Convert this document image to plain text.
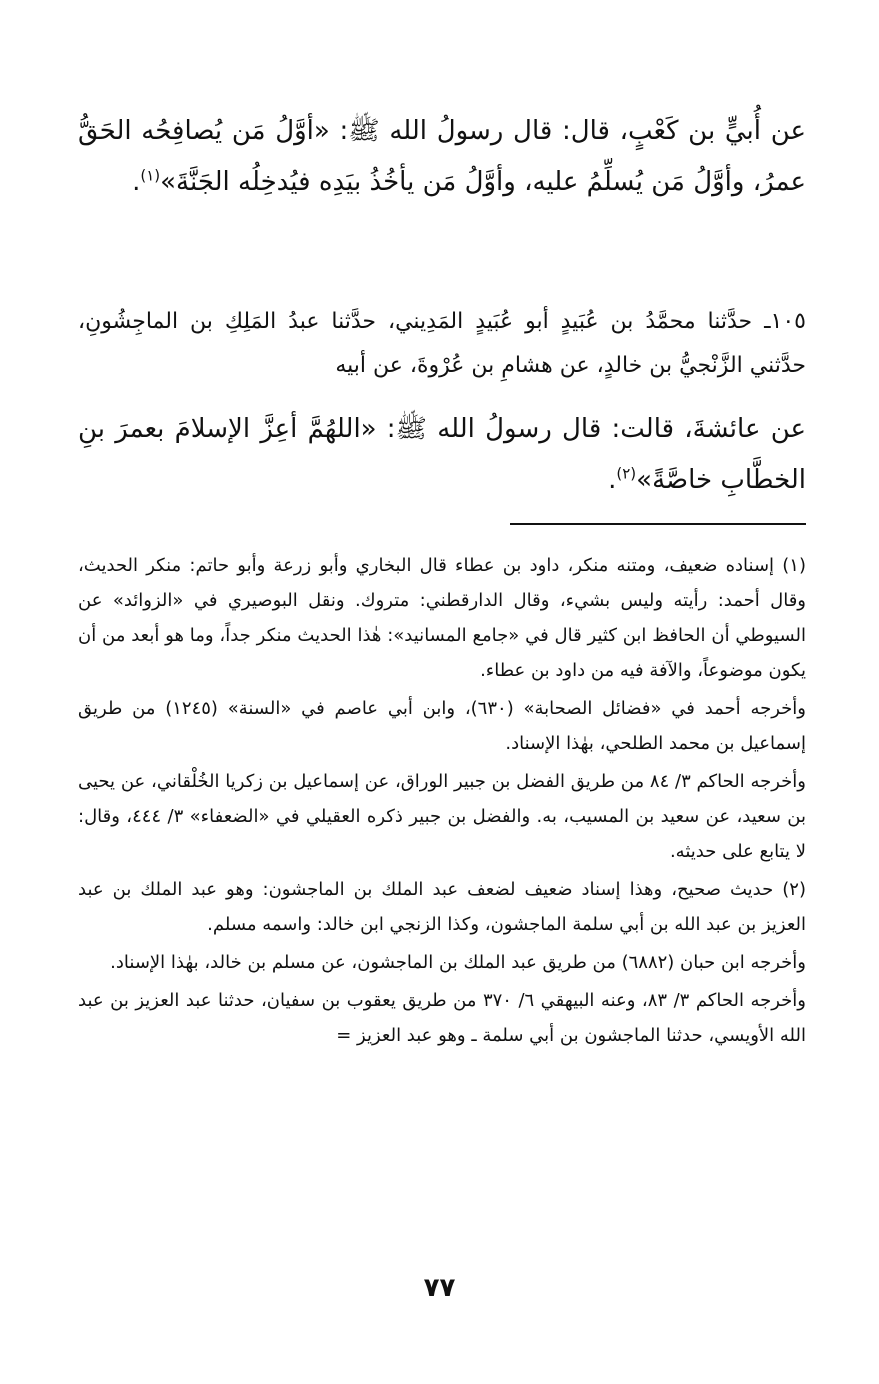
عن أُبيٍّ بن كَعْبٍ، قال: قال رسولُ الله ﷺ: «أوَّلُ مَن يُصافِحُه الحَقُّ عمرُ، وأوَّلُ مَن يُسلِّمُ عليه، وأوَّلُ مَن يأخُذُ بيَدِه فيُدخِلُه الجَنَّةَ»$^{(١)}$.

١٠٥ـ حدَّثنا محمَّدُ بن عُبَيدٍ أبو عُبَيدٍ المَدِيني، حدَّثنا عبدُ المَلِكِ بن الماجِشُونِ، حدَّثني الزَّنْجيُّ بن خالدٍ، عن هشامِ بن عُرْوةَ، عن أبيه

عن عائشةَ، قالت: قال رسولُ الله ﷺ: «اللهُمَّ أعِزَّ الإسلامَ بعمرَ بنِ الخطَّابِ خاصَّةً»$^{(٢)}$.

(١) إسناده ضعيف، ومتنه منكر، داود بن عطاء قال البخاري وأبو زرعة وأبو حاتم: منكر الحديث، وقال أحمد: رأيته وليس بشيء، وقال الدارقطني: متروك. ونقل البوصيري في «الزوائد» عن السيوطي أن الحافظ ابن كثير قال في «جامع المسانيد»: هٰذا الحديث منكر جداً، وما هو أبعد من أن يكون موضوعاً، والآفة فيه من داود بن عطاء.

وأخرجه أحمد في «فضائل الصحابة» (٦٣٠)، وابن أبي عاصم في «السنة» (١٢٤٥) من طريق إسماعيل بن محمد الطلحي، بهٰذا الإسناد.

وأخرجه الحاكم ٣/ ٨٤ من طريق الفضل بن جبير الوراق، عن إسماعيل بن زكريا الخُلْقاني، عن يحيى بن سعيد، عن سعيد بن المسيب، به. والفضل بن جبير ذكره العقيلي في «الضعفاء» ٣/ ٤٤٤، وقال: لا يتابع على حديثه.

(٢) حديث صحيح، وهذا إسناد ضعيف لضعف عبد الملك بن الماجشون: وهو عبد الملك بن عبد العزيز بن عبد الله بن أبي سلمة الماجشون، وكذا الزنجي ابن خالد: واسمه مسلم.

وأخرجه ابن حبان (٦٨٨٢) من طريق عبد الملك بن الماجشون، عن مسلم بن خالد، بهٰذا الإسناد.

وأخرجه الحاكم ٣/ ٨٣، وعنه البيهقي ٦/ ٣٧٠ من طريق يعقوب بن سفيان، حدثنا عبد العزيز بن عبد الله الأويسي، حدثنا الماجشون بن أبي سلمة ـ وهو عبد العزيز =

٧٧
